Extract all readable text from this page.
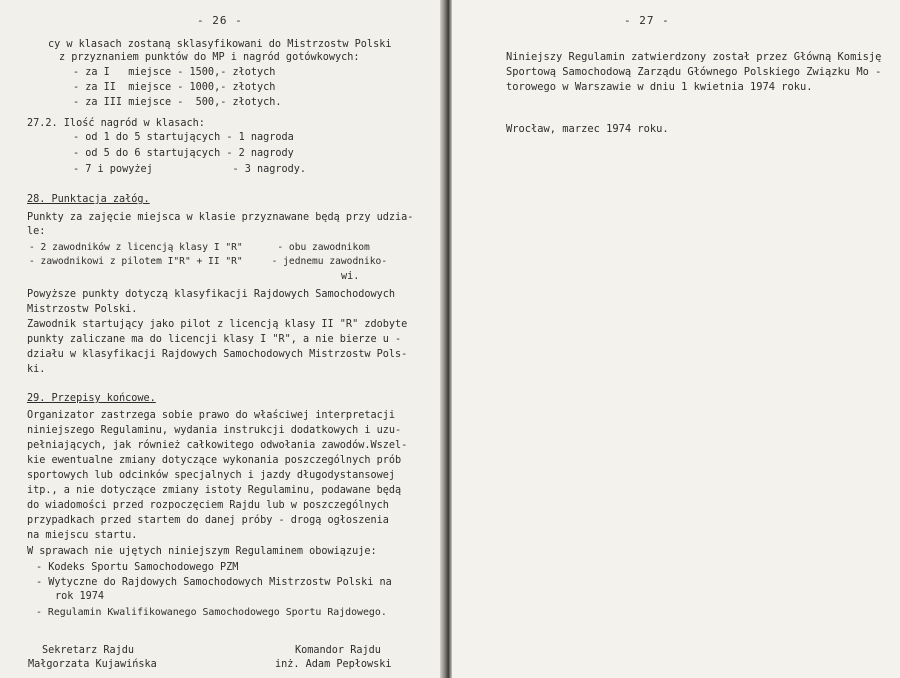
- 26 -
cy w klasach zostaną sklasyfikowani do Mistrzostw Polski
z przyznaniem punktów do MP i nagród gotówkowych:
- za I   miejsce - 1500,- złotych
- za II  miejsce - 1000,- złotych
- za III miejsce -  500,- złotych.
27.2. Ilość nagród w klasach:
- od 1 do 5 startujących - 1 nagroda
- od 5 do 6 startujących - 2 nagrody
- 7 i powyżej             - 3 nagrody.
28. Punktacja załóg.
Punkty za zajęcie miejsca w klasie przyznawane będą przy udzia-
le:
- 2 zawodników z licencją klasy I "R"      - obu zawodnikom
- zawodnikowi z pilotem I"R" + II "R"     - jednemu zawodniko-
wi.
Powyższe punkty dotyczą klasyfikacji Rajdowych Samochodowych
Mistrzostw Polski.
Zawodnik startujący jako pilot z licencją klasy II "R" zdobyte
punkty zaliczane ma do licencji klasy I "R", a nie bierze u -
działu w klasyfikacji Rajdowych Samochodowych Mistrzostw Pols-
ki.
29. Przepisy końcowe.
Organizator zastrzega sobie prawo do właściwej interpretacji
niniejszego Regulaminu, wydania instrukcji dodatkowych i uzu-
pełniających, jak również całkowitego odwołania zawodów.Wszel-
kie ewentualne zmiany dotyczące wykonania poszczególnych prób
sportowych lub odcinków specjalnych i jazdy długodystansowej
itp., a nie dotyczące zmiany istoty Regulaminu, podawane będą
do wiadomości przed rozpoczęciem Rajdu lub w poszczególnych
przypadkach przed startem do danej próby - drogą ogłoszenia
na miejscu startu.
W sprawach nie ujętych niniejszym Regulaminem obowiązuje:
- Kodeks Sportu Samochodowego PZM
- Wytyczne do Rajdowych Samochodowych Mistrzostw Polski na
rok 1974
- Regulamin Kwalifikowanego Samochodowego Sportu Rajdowego.
Sekretarz Rajdu
Małgorzata Kujawińska
Komandor Rajdu
inż. Adam Pepłowski
- 27 -
Niniejszy Regulamin zatwierdzony został przez Główną Komisję
Sportową Samochodową Zarządu Głównego Polskiego Związku Mo -
torowego w Warszawie w dniu 1 kwietnia 1974 roku.
Wrocław, marzec 1974 roku.
